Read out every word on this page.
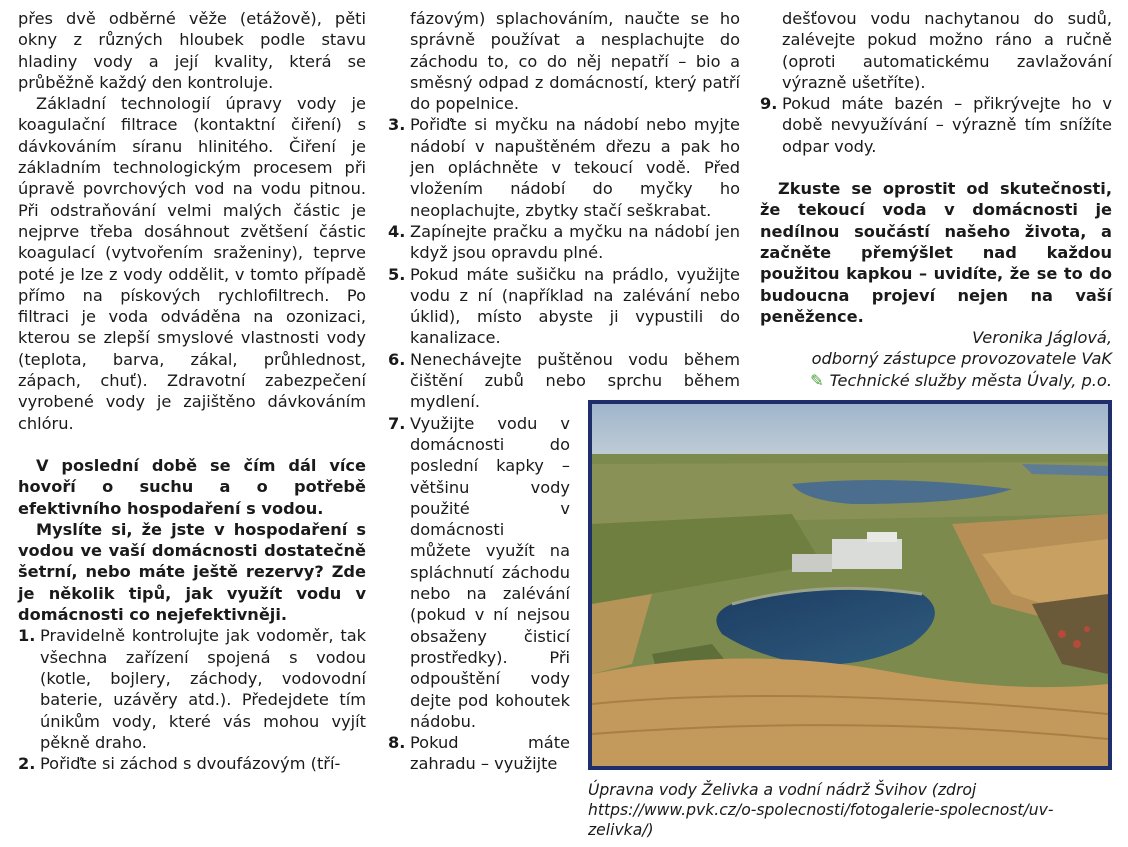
přes dvě odběrné věže (etážově), pěti okny z různých hloubek podle stavu hladiny vody a její kvality, která se průběžně každý den kontroluje.

Základní technologií úpravy vody je koagulační filtrace (kontaktní čiření) s dávkováním síranu hlinitého. Čiření je základním technologickým procesem při úpravě povrchových vod na vodu pitnou. Při odstraňování velmi malých částic je nejprve třeba dosáhnout zvětšení částic koagulací (vytvořením sraženiny), teprve poté je lze z vody oddělit, v tomto případě přímo na pískových rychlofiltrech. Po filtraci je voda odváděna na ozonizaci, kterou se zlepší smyslové vlastnosti vody (teplota, barva, zákal, průhlednost, zápach, chuť). Zdravotní zabezpečení vyrobené vody je zajištěno dávkováním chlóru.

V poslední době se čím dál více hovoří o suchu a o potřebě efektivního hospodaření s vodou.

Myslíte si, že jste v hospodaření s vodou ve vaší domácnosti dostatečně šetrní, nebo máte ještě rezervy? Zde je několik tipů, jak využít vodu v domácnosti co nejefektivněji.

1. Pravidelně kontrolujte jak vodoměr, tak všechna zařízení spojená s vodou (kotle, bojlery, záchody, vodovodní baterie, uzávěry atd.). Předejdete tím únikům vody, které vás mohou vyjít pěkně draho.
2. Pořiďte si záchod s dvoufázovým (tří-
fázovým) splachováním, naučte se ho správně používat a nesplachujte do záchodu to, co do něj nepatří – bio a směsný odpad z domácností, který patří do popelnice.
3. Pořiďte si myčku na nádobí nebo myjte nádobí v napuštěném dřezu a pak ho jen opláchněte v tekoucí vodě. Před vložením nádobí do myčky ho neoplachujte, zbytky stačí seškrabat.
4. Zapínejte pračku a myčku na nádobí jen když jsou opravdu plné.
5. Pokud máte sušičku na prádlo, využijte vodu z ní (například na zalévání nebo úklid), místo abyste ji vypustili do kanalizace.
6. Nenechávejte puštěnou vodu během čištění zubů nebo sprchu během mydlení.
7. Využijte vodu v domácnosti do poslední kapky – většinu vody použité v domácnosti můžete využít na spláchnutí záchodu nebo na zalévání (pokud v ní nejsou obsaženy čisticí prostředky). Při odpouštění vody dejte pod kohoutek nádobu.
8. Pokud máte zahradu – využijte
dešťovou vodu nachytanou do sudů, zalévejte pokud možno ráno a ručně (oproti automatickému zavlažování výrazně ušetříte).
9. Pokud máte bazén – přikrývejte ho v době nevyužívání – výrazně tím snížíte odpar vody.

Zkuste se oprostit od skutečnosti, že tekoucí voda v domácnosti je nedílnou součástí našeho života, a začněte přemýšlet nad každou použitou kapkou – uvidíte, že se to do budoucna projeví nejen na vaší peněžence.

Veronika Jáglová,

odborný zástupce provozovatele VaK

✎ Technické služby města Úvaly, p.o.

Úpravna vody Želivka a vodní nádrž Švihov (zdroj https://www.pvk.cz/o-spolecnosti/fotogalerie-spolecnost/uv-zelivka/)
